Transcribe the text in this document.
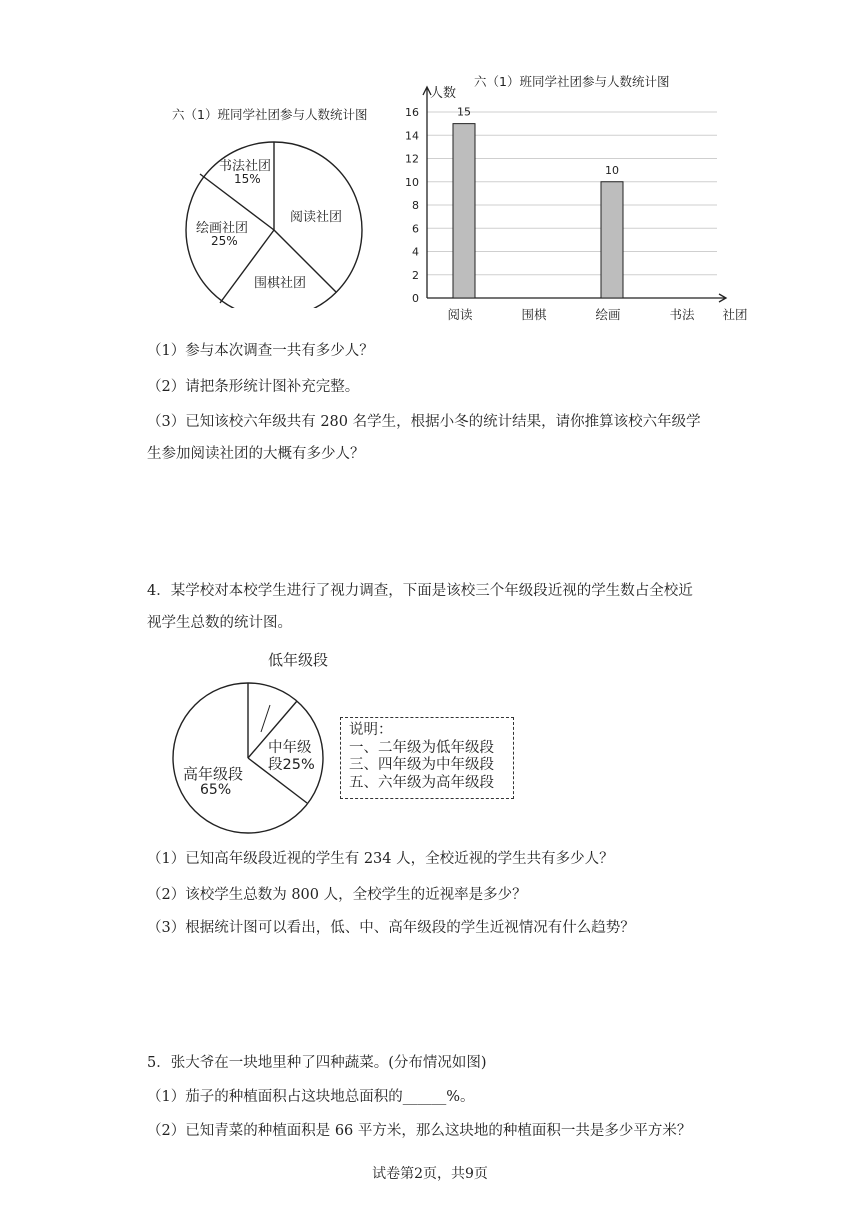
六（1）班同学社团参与人数统计图
阅读社团
书法社团
15%
绘画社团
25%
围棋社团
六（1）班同学社团参与人数统计图
0
2
4
6
8
10
12
14
16
人数
社团
15
阅读	围棋
10
绘画	书法
（1）参与本次调查一共有多少人？
（2）请把条形统计图补充完整。
（3）已知该校六年级共有 280 名学生，根据小冬的统计结果，请你推算该校六年级学
生参加阅读社团的大概有多少人？
4．某学校对本校学生进行了视力调查，下面是该校三个年级段近视的学生数占全校近
视学生总数的统计图。
低年级段
中年级
段25%
高年级段
65%
说明：
一、二年级为低年级段
三、四年级为中年级段
五、六年级为高年级段
（1）已知高年级段近视的学生有 234 人，全校近视的学生共有多少人？
（2）该校学生总数为 800 人，全校学生的近视率是多少？
（3）根据统计图可以看出，低、中、高年级段的学生近视情况有什么趋势？
5．张大爷在一块地里种了四种蔬菜。(分布情况如图)
（1）茄子的种植面积占这块地总面积的______%。
（2）已知青菜的种植面积是 66 平方米，那么这块地的种植面积一共是多少平方米？
试卷第2页，共9页
